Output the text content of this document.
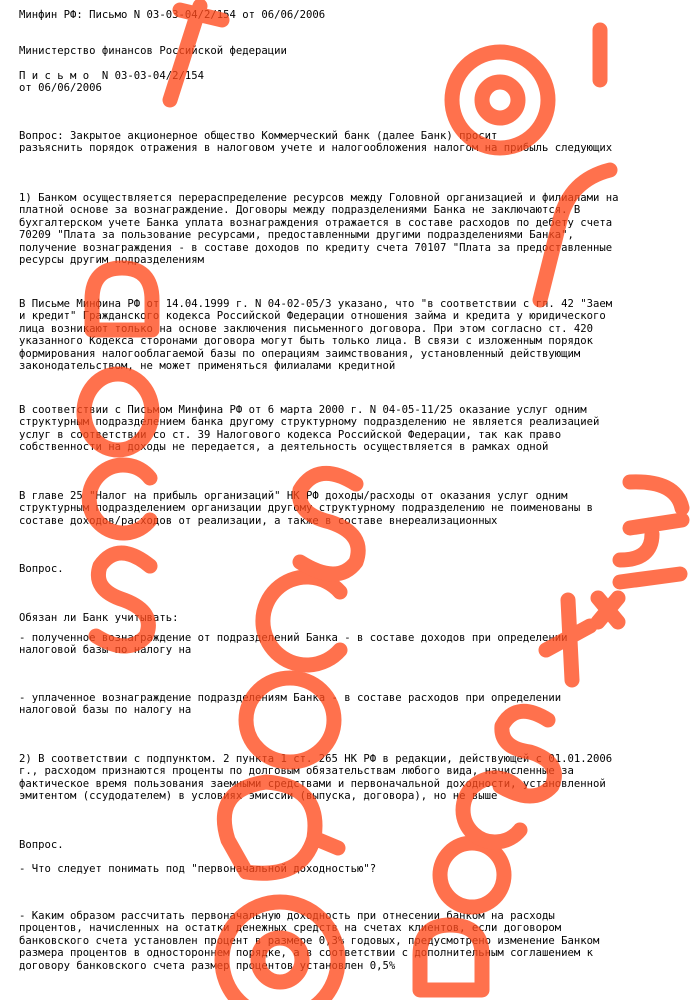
Минфин РФ: Письмо N 03-03-04/2/154 от 06/06/2006
Министерство финансов Российской федерации
П и с ь м о  N 03-03-04/2/154
от 06/06/2006
Вопрос: Закрытое акционерное общество Коммерческий банк (далее Банк) просит
разъяснить порядок отражения в налоговом учете и налогообложения налогом на прибыль следующих
1) Банком осуществляется перераспределение ресурсов между Головной организацией и филиалами на
платной основе за вознаграждение. Договоры между подразделениями Банка не заключаются. В
бухгалтерском учете Банка уплата вознаграждения отражается в составе расходов по дебету счета
70209 "Плата за пользование ресурсами, предоставленными другими подразделениями Банка",
получение вознаграждения - в составе доходов по кредиту счета 70107 "Плата за предоставленные
ресурсы другим подразделениям
В Письме Минфина РФ от 14.04.1999 г. N 04-02-05/3 указано, что "в соответствии с гл. 42 "Заем
и кредит" Гражданского кодекса Российской Федерации отношения займа и кредита у юридического
лица возникают только на основе заключения письменного договора. При этом согласно ст. 420
указанного Кодекса сторонами договора могут быть только лица. В связи с изложенным порядок
формирования налогооблагаемой базы по операциям заимствования, установленный действующим
законодательством, не может применяться филиалами кредитной
В соответствии с Письмом Минфина РФ от 6 марта 2000 г. N 04-05-11/25 оказание услуг одним
структурным подразделением банка другому структурному подразделению не является реализацией
услуг в соответствии со ст. 39 Налогового кодекса Российской Федерации, так как право
собственности на доходы не передается, а деятельность осуществляется в рамках одной
В главе 25 "Налог на прибыль организаций" НК РФ доходы/расходы от оказания услуг одним
структурным подразделением организации другому структурному подразделению не поименованы в
составе доходов/расходов от реализации, а также в составе внереализационных
Вопрос.
Обязан ли Банк учитывать:
- полученное вознаграждение от подразделений Банка - в составе доходов при определении
налоговой базы по налогу на
- уплаченное вознаграждение подразделениям Банка - в составе расходов при определении
налоговой базы по налогу на
2) В соответствии с подпунктом. 2 пункта 1 ст. 265 НК РФ в редакции, действующей с 01.01.2006
г., расходом признаются проценты по долговым обязательствам любого вида, начисленные за
фактическое время пользования заемными средствами и первоначальной доходности, установленной
эмитентом (ссудодателем) в условиях эмиссии (выпуска, договора), но не выше
Вопрос.
- Что следует понимать под "первоначальной доходностью"?
- Каким образом рассчитать первоначальную доходность при отнесении банком на расходы
процентов, начисленных на остатки денежных средств на счетах клиентов, если договором
банковского счета установлен процент в размере 0,3% годовых, предусмотрено изменение Банком
размера процентов в одностороннем порядке, а в соответствии с дополнительным соглашением к
договору банковского счета размер процентов установлен 0,5%
